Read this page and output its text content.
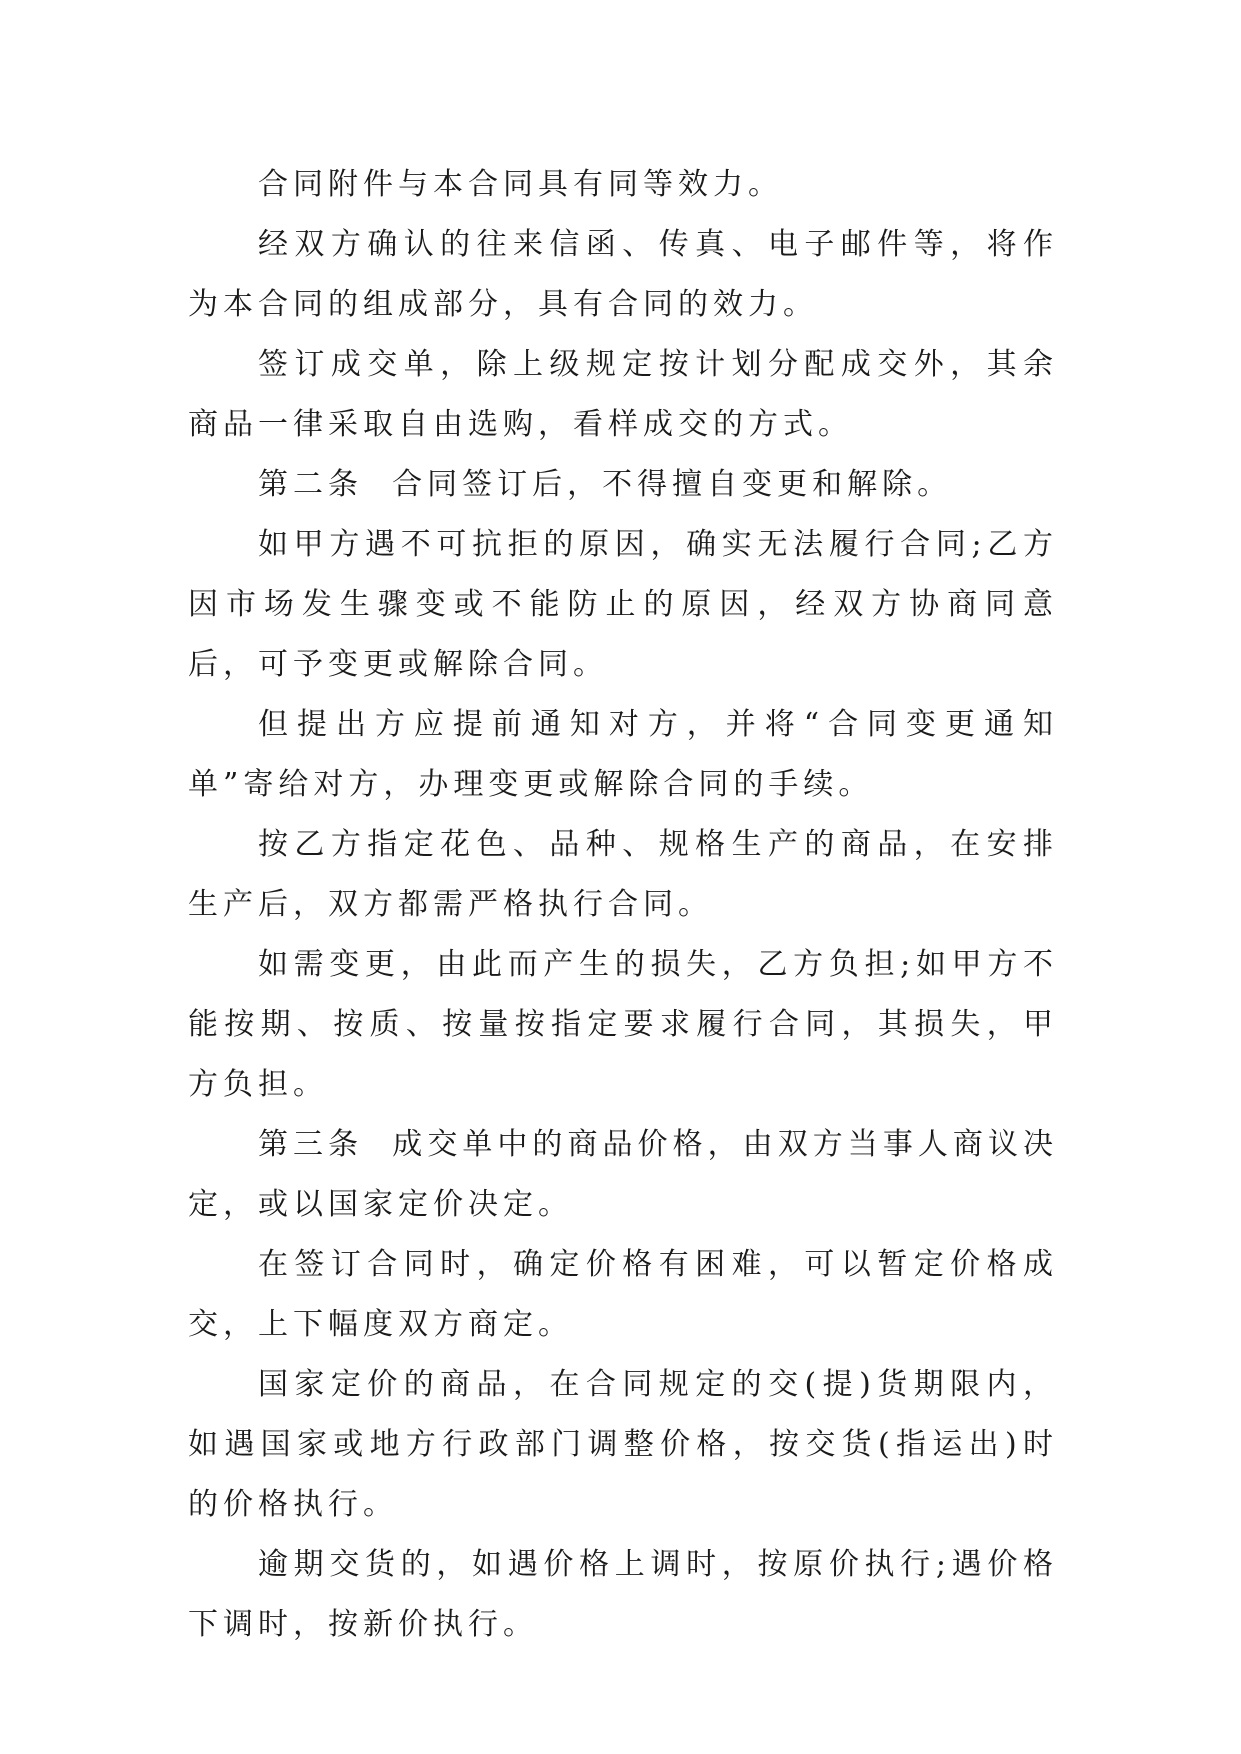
合同附件与本合同具有同等效力。

经双方确认的往来信函、传真、电子邮件等，将作为本合同的组成部分，具有合同的效力。

签订成交单，除上级规定按计划分配成交外，其余商品一律采取自由选购，看样成交的方式。

第二条  合同签订后，不得擅自变更和解除。

如甲方遇不可抗拒的原因，确实无法履行合同;乙方因市场发生骤变或不能防止的原因，经双方协商同意后，可予变更或解除合同。

但提出方应提前通知对方，并将“合同变更通知单”寄给对方，办理变更或解除合同的手续。

按乙方指定花色、品种、规格生产的商品，在安排生产后，双方都需严格执行合同。

如需变更，由此而产生的损失，乙方负担;如甲方不能按期、按质、按量按指定要求履行合同，其损失，甲方负担。

第三条  成交单中的商品价格，由双方当事人商议决定，或以国家定价决定。

在签订合同时，确定价格有困难，可以暂定价格成交，上下幅度双方商定。

国家定价的商品，在合同规定的交(提)货期限内，如遇国家或地方行政部门调整价格，按交货(指运出)时的价格执行。

逾期交货的，如遇价格上调时，按原价执行;遇价格下调时，按新价执行。
